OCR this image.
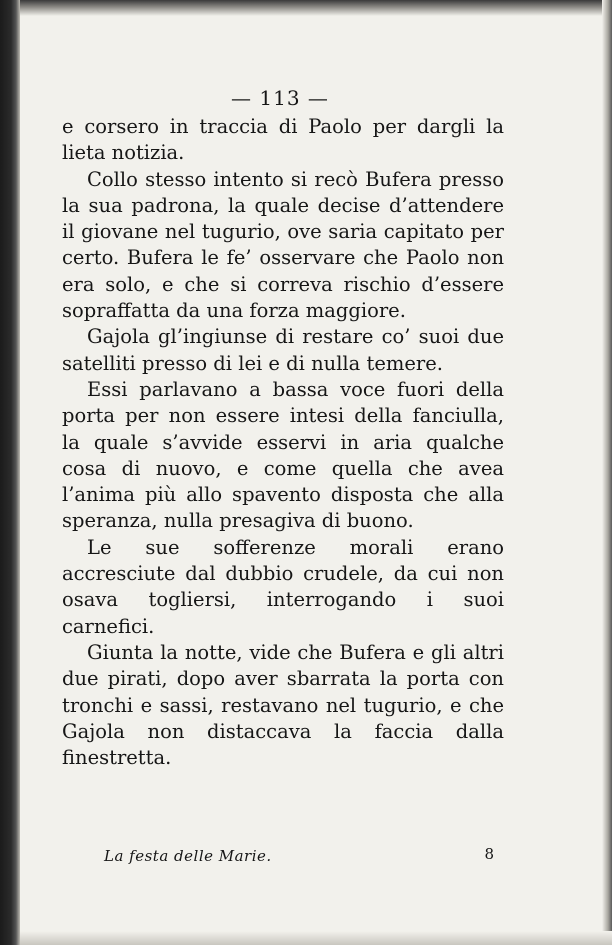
— 113 —

e corsero in traccia di Paolo per dargli la lieta notizia.

Collo stesso intento si recò Bufera presso la sua padrona, la quale decise d’attendere il giovane nel tugurio, ove saria capitato per certo. Bufera le fe’ osservare che Paolo non era solo, e che si correva rischio d’essere sopraffatta da una forza maggiore.

Gajola gl’ingiunse di restare co’ suoi due satelliti presso di lei e di nulla temere.

Essi parlavano a bassa voce fuori della porta per non essere intesi della fanciulla, la quale s’avvide esservi in aria qualche cosa di nuovo, e come quella che avea l’anima più allo spavento disposta che alla speranza, nulla presagiva di buono.

Le sue sofferenze morali erano accresciute dal dubbio crudele, da cui non osava togliersi, interrogando i suoi carnefici.

Giunta la notte, vide che Bufera e gli altri due pirati, dopo aver sbarrata la porta con tronchi e sassi, restavano nel tugurio, e che Gajola non distaccava la faccia dalla finestretta.

La festa delle Marie.	8
